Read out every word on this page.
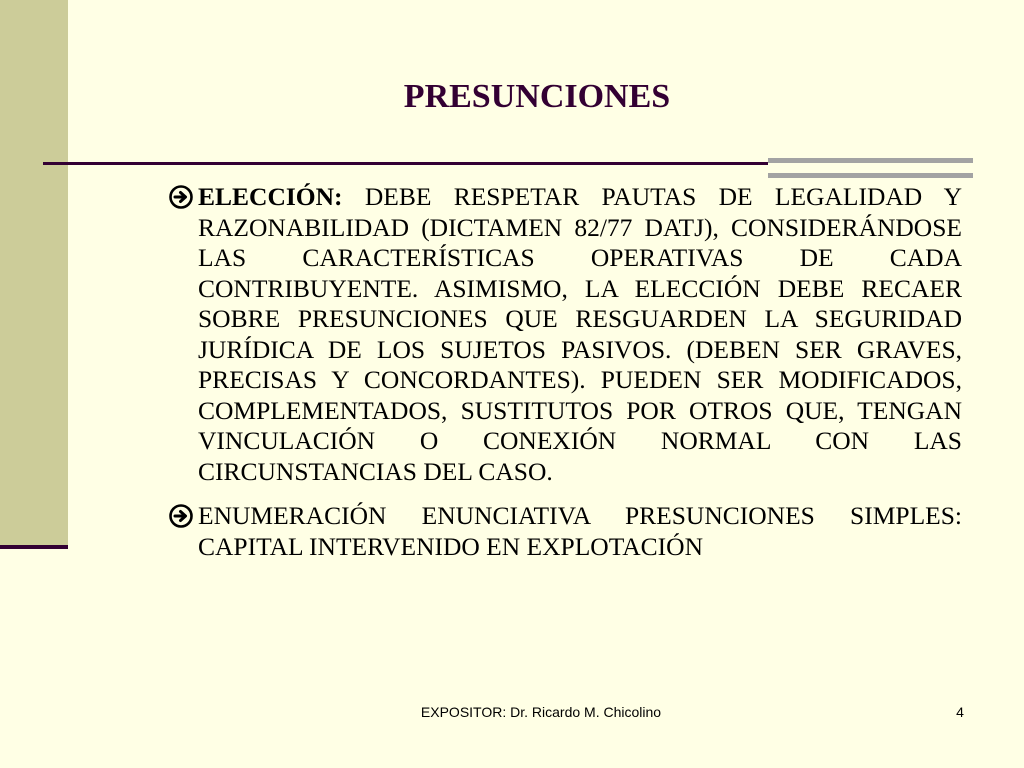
PRESUNCIONES
ELECCIÓN: DEBE RESPETAR PAUTAS DE LEGALIDAD Y RAZONABILIDAD (DICTAMEN 82/77 DATJ), CONSIDERÁNDOSE LAS CARACTERÍSTICAS OPERATIVAS DE CADA CONTRIBUYENTE. ASIMISMO, LA ELECCIÓN DEBE RECAER SOBRE PRESUNCIONES QUE RESGUARDEN LA SEGURIDAD JURÍDICA DE LOS SUJETOS PASIVOS. (DEBEN SER GRAVES, PRECISAS Y CONCORDANTES). PUEDEN SER MODIFICADOS, COMPLEMENTADOS, SUSTITUTOS POR OTROS QUE, TENGAN VINCULACIÓN O CONEXIÓN NORMAL CON LAS CIRCUNSTANCIAS DEL CASO.
ENUMERACIÓN ENUNCIATIVA PRESUNCIONES SIMPLES: CAPITAL INTERVENIDO EN EXPLOTACIÓN
EXPOSITOR: Dr. Ricardo M. Chicolino	4
